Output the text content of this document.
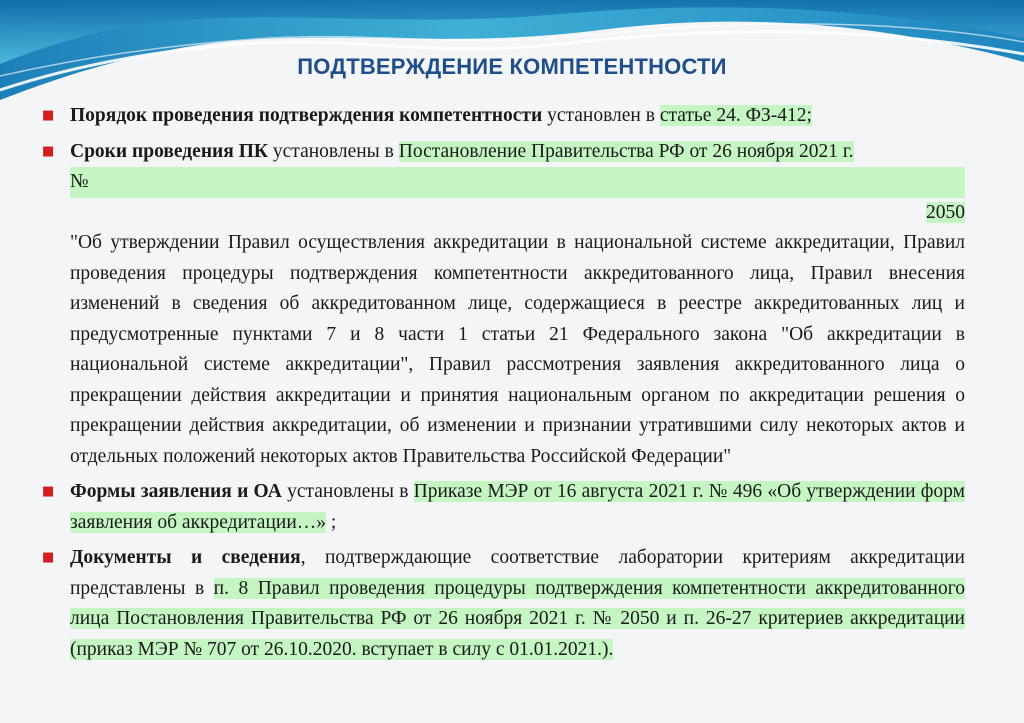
ПОДТВЕРЖДЕНИЕ КОМПЕТЕНТНОСТИ
■ Порядок проведения подтверждения компетентности установлен в статье 24. ФЗ-412;
■ Сроки проведения ПК установлены в Постановление Правительства РФ от 26 ноября 2021 г.
№
2050
"Об утверждении Правил осуществления аккредитации в национальной системе аккредитации, Правил проведения процедуры подтверждения компетентности аккредитованного лица, Правил внесения изменений в сведения об аккредитованном лице, содержащиеся в реестре аккредитованных лиц и предусмотренные пунктами 7 и 8 части 1 статьи 21 Федерального закона "Об аккредитации в национальной системе аккредитации", Правил рассмотрения заявления аккредитованного лица о прекращении действия аккредитации и принятия национальным органом по аккредитации решения о прекращении действия аккредитации, об изменении и признании утратившими силу некоторых актов и отдельных положений некоторых актов Правительства Российской Федерации"
■ Формы заявления и ОА установлены в Приказе МЭР от 16 августа 2021 г. № 496 «Об утверждении форм заявления об аккредитации…» ;
■ Документы и сведения, подтверждающие соответствие лаборатории критериям аккредитации представлены в п. 8 Правил проведения процедуры подтверждения компетентности аккредитованного лица Постановления Правительства РФ от 26 ноября 2021 г. № 2050 и п. 26-27 критериев аккредитации (приказ МЭР № 707 от 26.10.2020. вступает в силу с 01.01.2021.).
